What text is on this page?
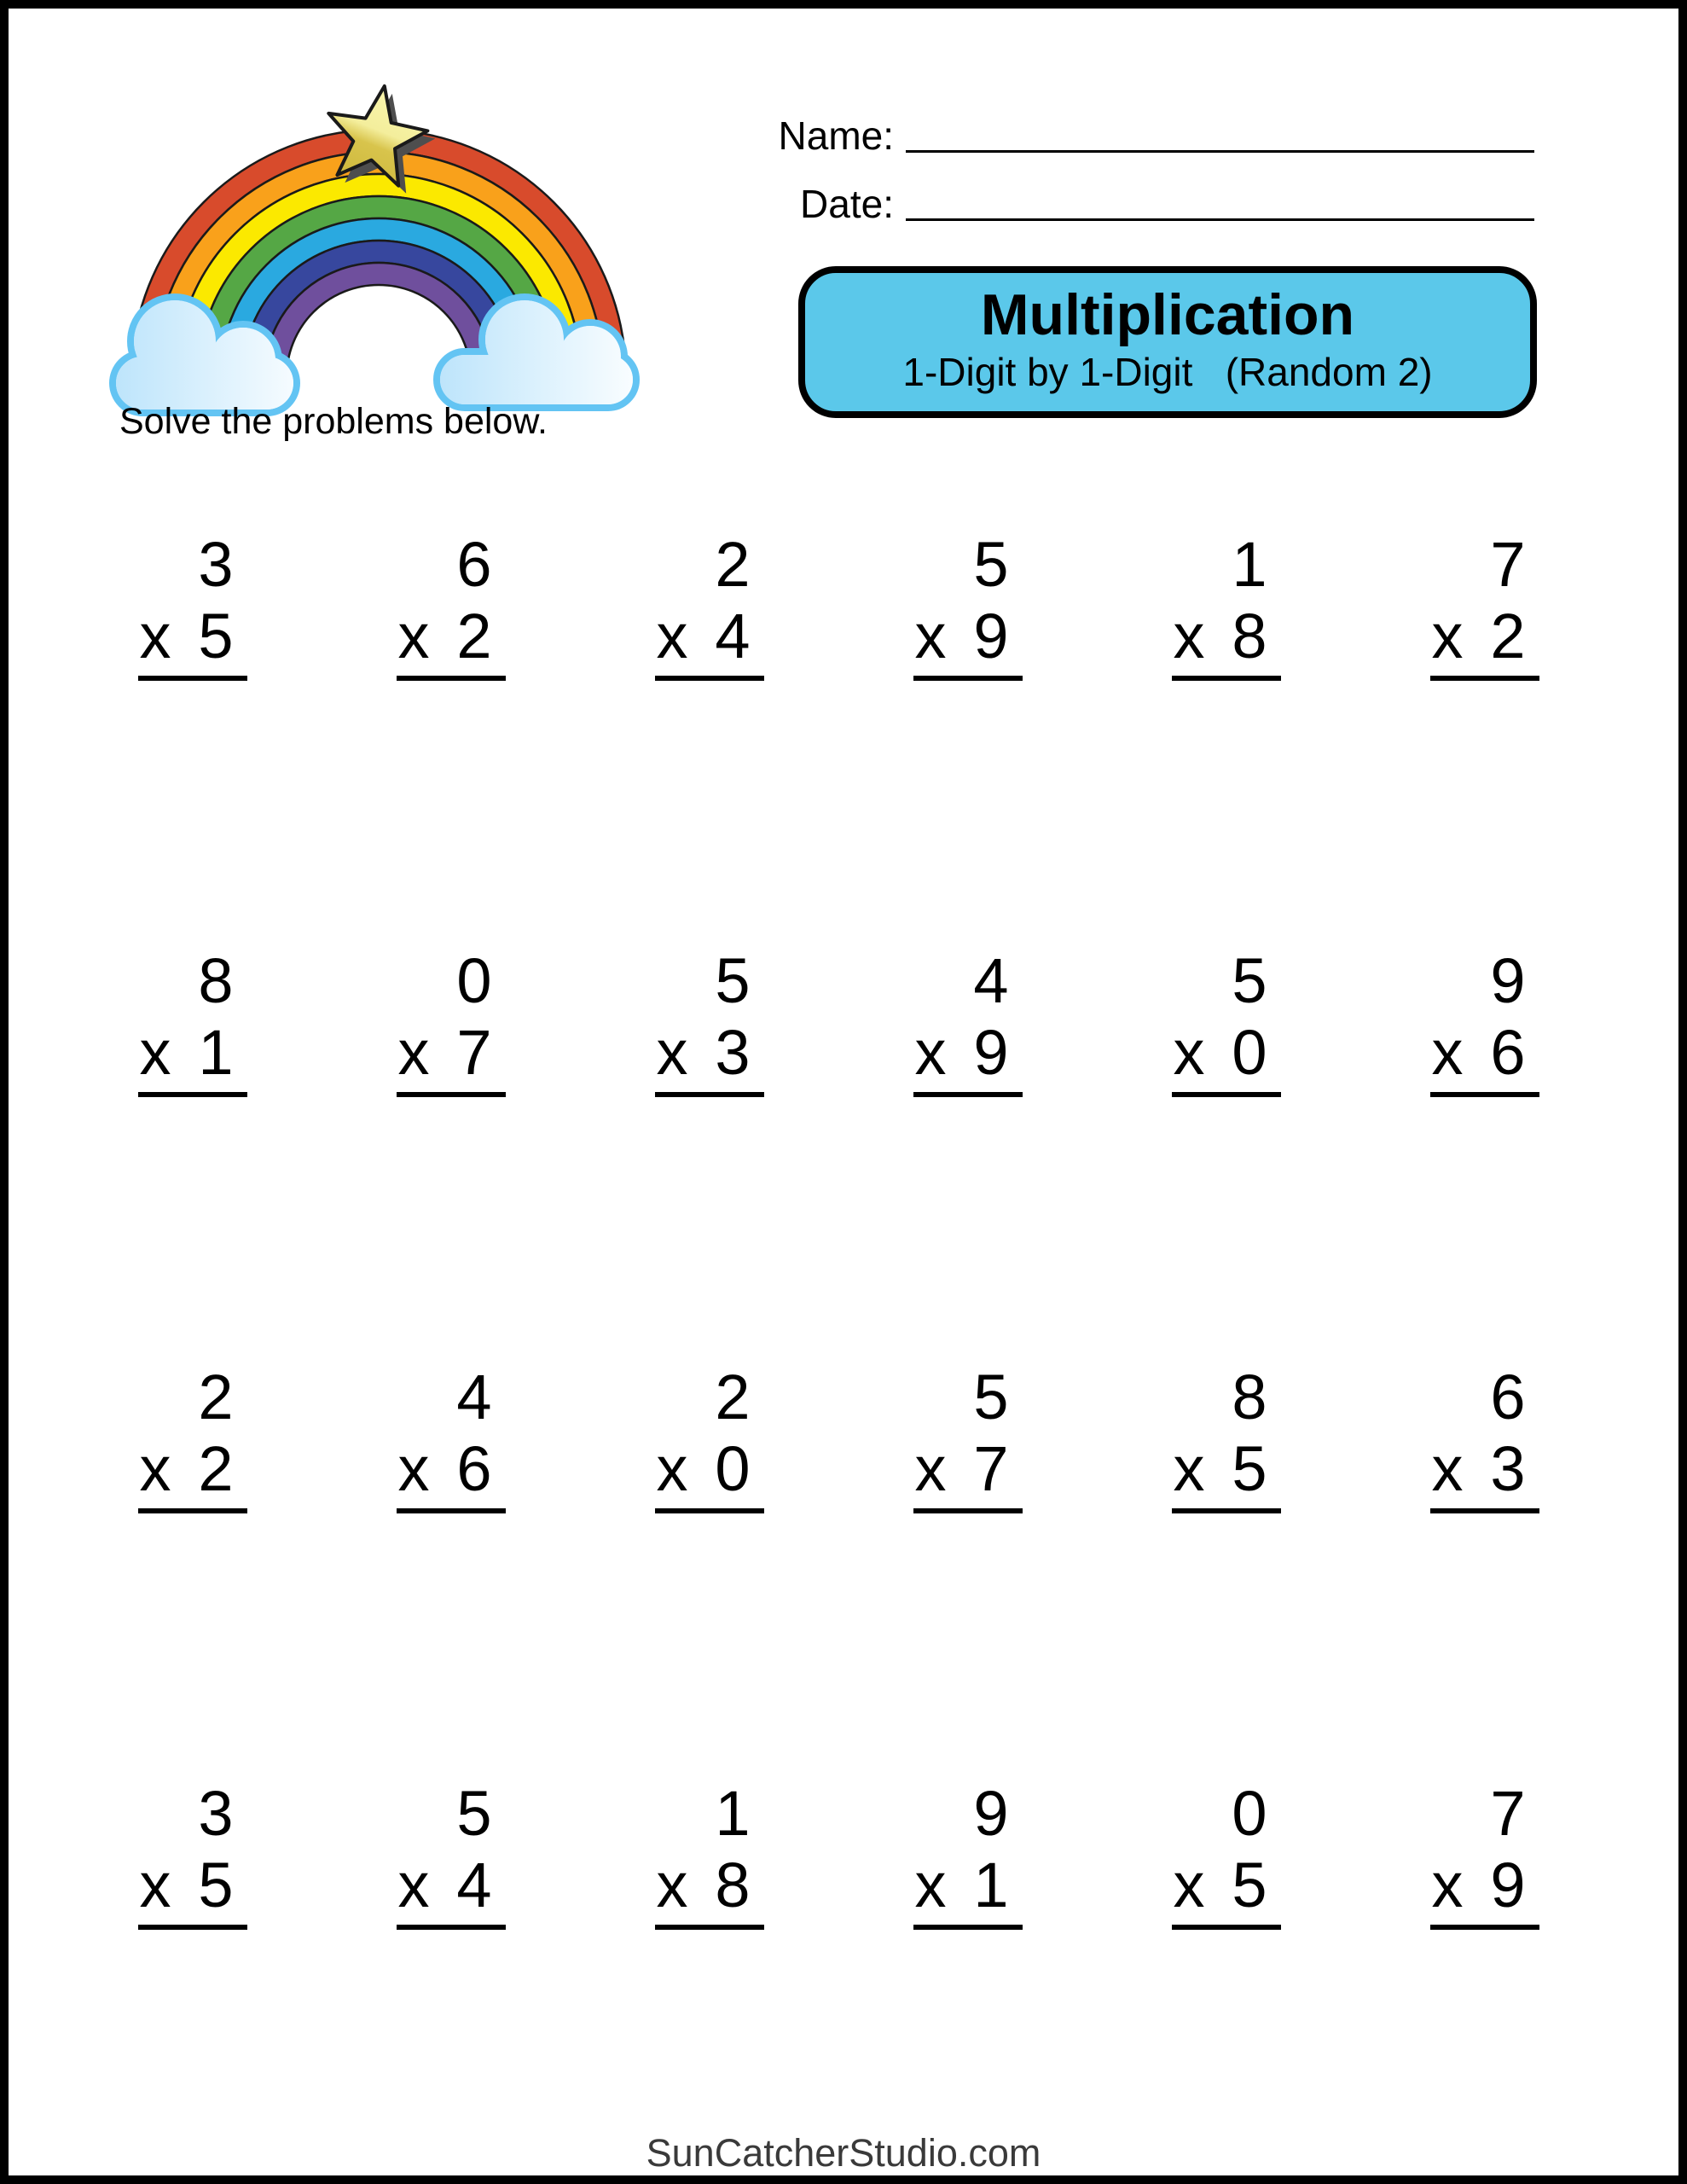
Solve the problems below.
Name:
Date:
Multiplication
1-Digit by 1-Digit   (Random 2)
3
x 5
6
x 2
2
x 4
5
x 9
1
x 8
7
x 2
8
x 1
0
x 7
5
x 3
4
x 9
5
x 0
9
x 6
2
x 2
4
x 6
2
x 0
5
x 7
8
x 5
6
x 3
3
x 5
5
x 4
1
x 8
9
x 1
0
x 5
7
x 9
SunCatcherStudio.com
